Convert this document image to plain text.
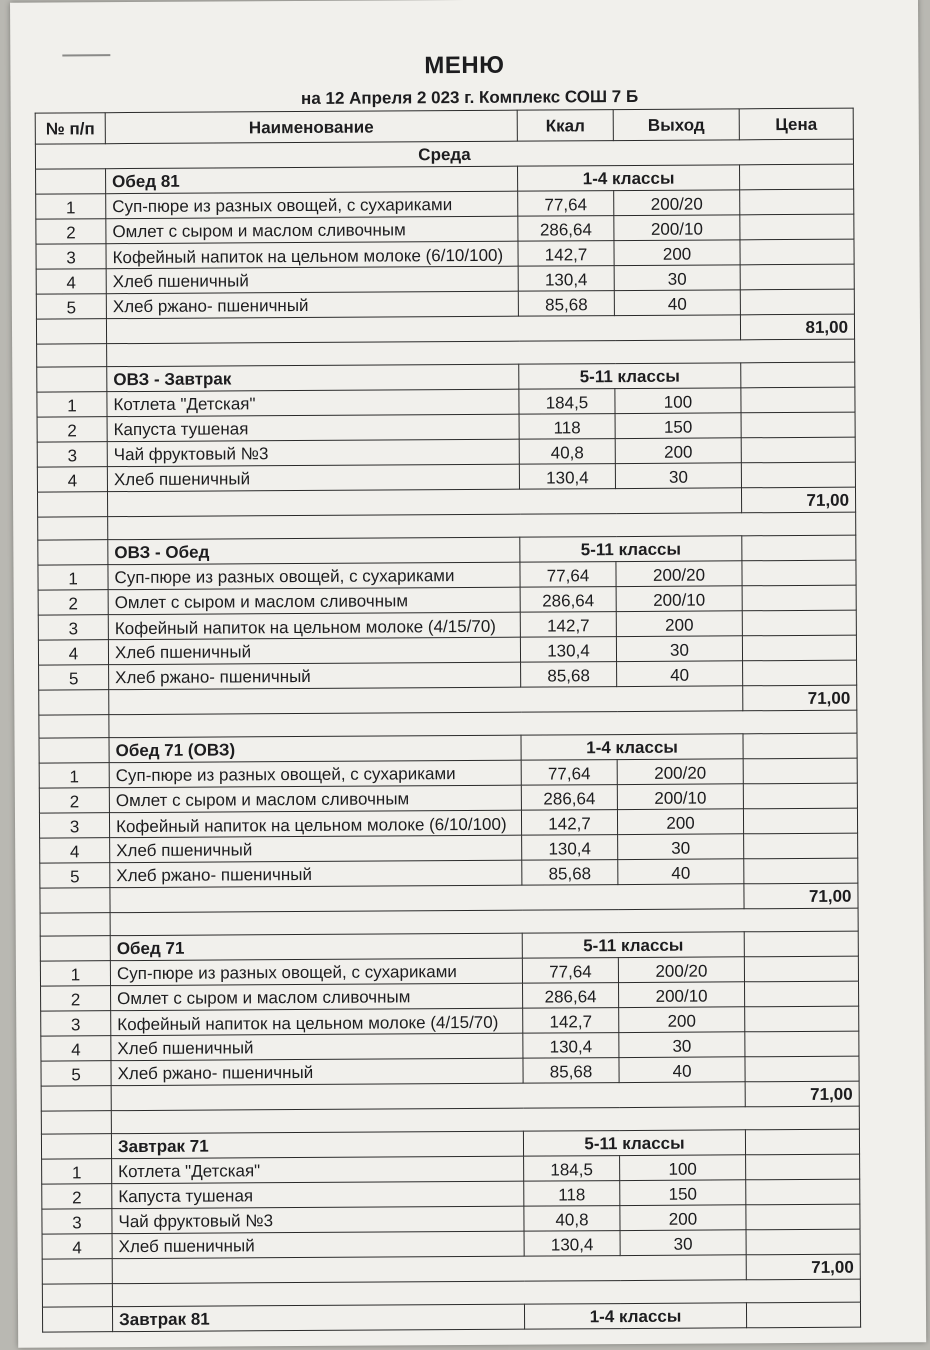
МЕНЮ
на 12 Апреля 2 023 г. Комплекс СОШ 7 Б
№ п/п	Наименование	Ккал	Выход	Цена
Среда				
	Обед 81	1-4 классы		
1	Суп-пюре из разных овощей, с сухариками	77,64	200/20	
2	Омлет с сыром и маслом сливочным	286,64	200/10	
3	Кофейный напиток на цельном молоке (6/10/100)	142,7	200	
4	Хлеб пшеничный	130,4	30	
5	Хлеб ржано- пшеничный	85,68	40	
				81,00

	ОВЗ - Завтрак	5-11 классы		
1	Котлета "Детская"	184,5	100	
2	Капуста тушеная	118	150	
3	Чай фруктовый №3	40,8	200	
4	Хлеб пшеничный	130,4	30	
				71,00

	ОВЗ - Обед	5-11 классы		
1	Суп-пюре из разных овощей, с сухариками	77,64	200/20	
2	Омлет с сыром и маслом сливочным	286,64	200/10	
3	Кофейный напиток на цельном молоке (4/15/70)	142,7	200	
4	Хлеб пшеничный	130,4	30	
5	Хлеб ржано- пшеничный	85,68	40	
				71,00

	Обед 71 (ОВЗ)	1-4 классы		
1	Суп-пюре из разных овощей, с сухариками	77,64	200/20	
2	Омлет с сыром и маслом сливочным	286,64	200/10	
3	Кофейный напиток на цельном молоке (6/10/100)	142,7	200	
4	Хлеб пшеничный	130,4	30	
5	Хлеб ржано- пшеничный	85,68	40	
				71,00

	Обед 71	5-11 классы		
1	Суп-пюре из разных овощей, с сухариками	77,64	200/20	
2	Омлет с сыром и маслом сливочным	286,64	200/10	
3	Кофейный напиток на цельном молоке (4/15/70)	142,7	200	
4	Хлеб пшеничный	130,4	30	
5	Хлеб ржано- пшеничный	85,68	40	
				71,00

	Завтрак 71	5-11 классы		
1	Котлета "Детская"	184,5	100	
2	Капуста тушеная	118	150	
3	Чай фруктовый №3	40,8	200	
4	Хлеб пшеничный	130,4	30	
				71,00

	Завтрак 81	1-4 классы		
